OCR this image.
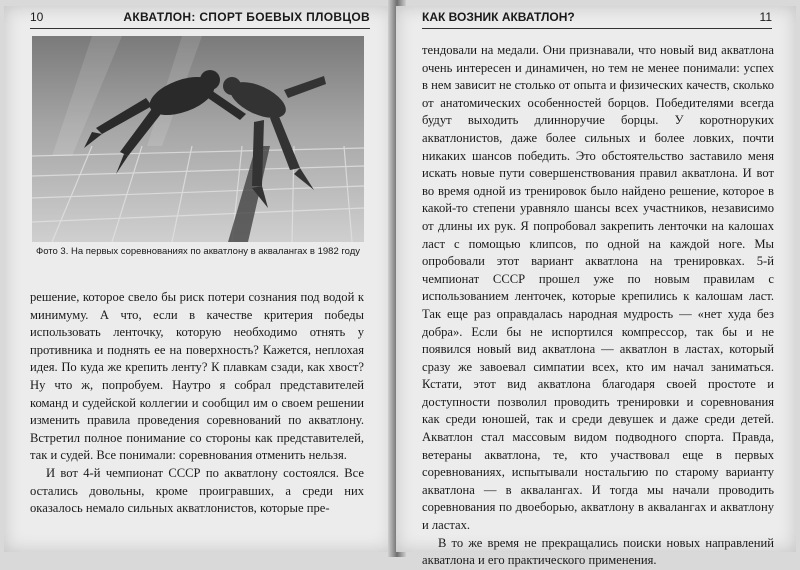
10	АКВАТЛОН: СПОРТ БОЕВЫХ ПЛОВЦОВ
Фото 3. На первых соревнованиях по акватлону в аквалангах в 1982 году

решение, которое свело бы риск потери сознания под водой к минимуму. А что, если в качестве критерия победы использовать ленточку, которую необходимо отнять у противника и поднять ее на поверхность? Кажется, неплохая идея. По куда же крепить ленту? К плавкам сзади, как хвост? Ну что ж, попробуем. Наутро я собрал представителей команд и судейской коллегии и сообщил им о своем решении изменить правила проведения соревнований по акватлону. Встретил полное понимание со стороны как представителей, так и судей. Все понимали: соревнования отменить нельзя.

И вот 4-й чемпионат СССР по акватлону состоялся. Все остались довольны, кроме проигравших, а среди них оказалось немало сильных акватлонистов, которые пре-

КАК ВОЗНИК АКВАТЛОН?	11

тендовали на медали. Они признавали, что новый вид акватлона очень интересен и динамичен, но тем не менее понимали: успех в нем зависит не столько от опыта и физических качеств, сколько от анатомических особенностей борцов. Победителями всегда будут выходить длинноручие борцы. У коротноруких акватлонистов, даже более сильных и более ловких, почти никаких шансов победить. Это обстоятельство заставило меня искать новые пути совершенствования правил акватлона. И вот во время одной из тренировок было найдено решение, которое в какой-то степени уравняло шансы всех участников, независимо от длины их рук. Я попробовал закрепить ленточки на калошах ласт с помощью клипсов, по одной на каждой ноге. Мы опробовали этот вариант акватлона на тренировках. 5-й чемпионат СССР прошел уже по новым правилам с использованием ленточек, которые крепились к калошам ласт. Так еще раз оправдалась народная мудрость — «нет худа без добра». Если бы не испортился компрессор, так бы и не появился новый вид акватлона — акватлон в ластах, который сразу же завоевал симпатии всех, кто им начал заниматься. Кстати, этот вид акватлона благодаря своей простоте и доступности позволил проводить тренировки и соревнования как среди юношей, так и среди девушек и даже среди детей. Акватлон стал массовым видом подводного спорта. Правда, ветераны акватлона, те, кто участвовал еще в первых соревнованиях, испытывали ностальгию по старому варианту акватлона — в аквалангах. И тогда мы начали проводить соревнования по двоеборью, акватлону в аквалангах и акватлону и ластах.

В то же время не прекращались поиски новых направлений акватлона и его практического применения.
